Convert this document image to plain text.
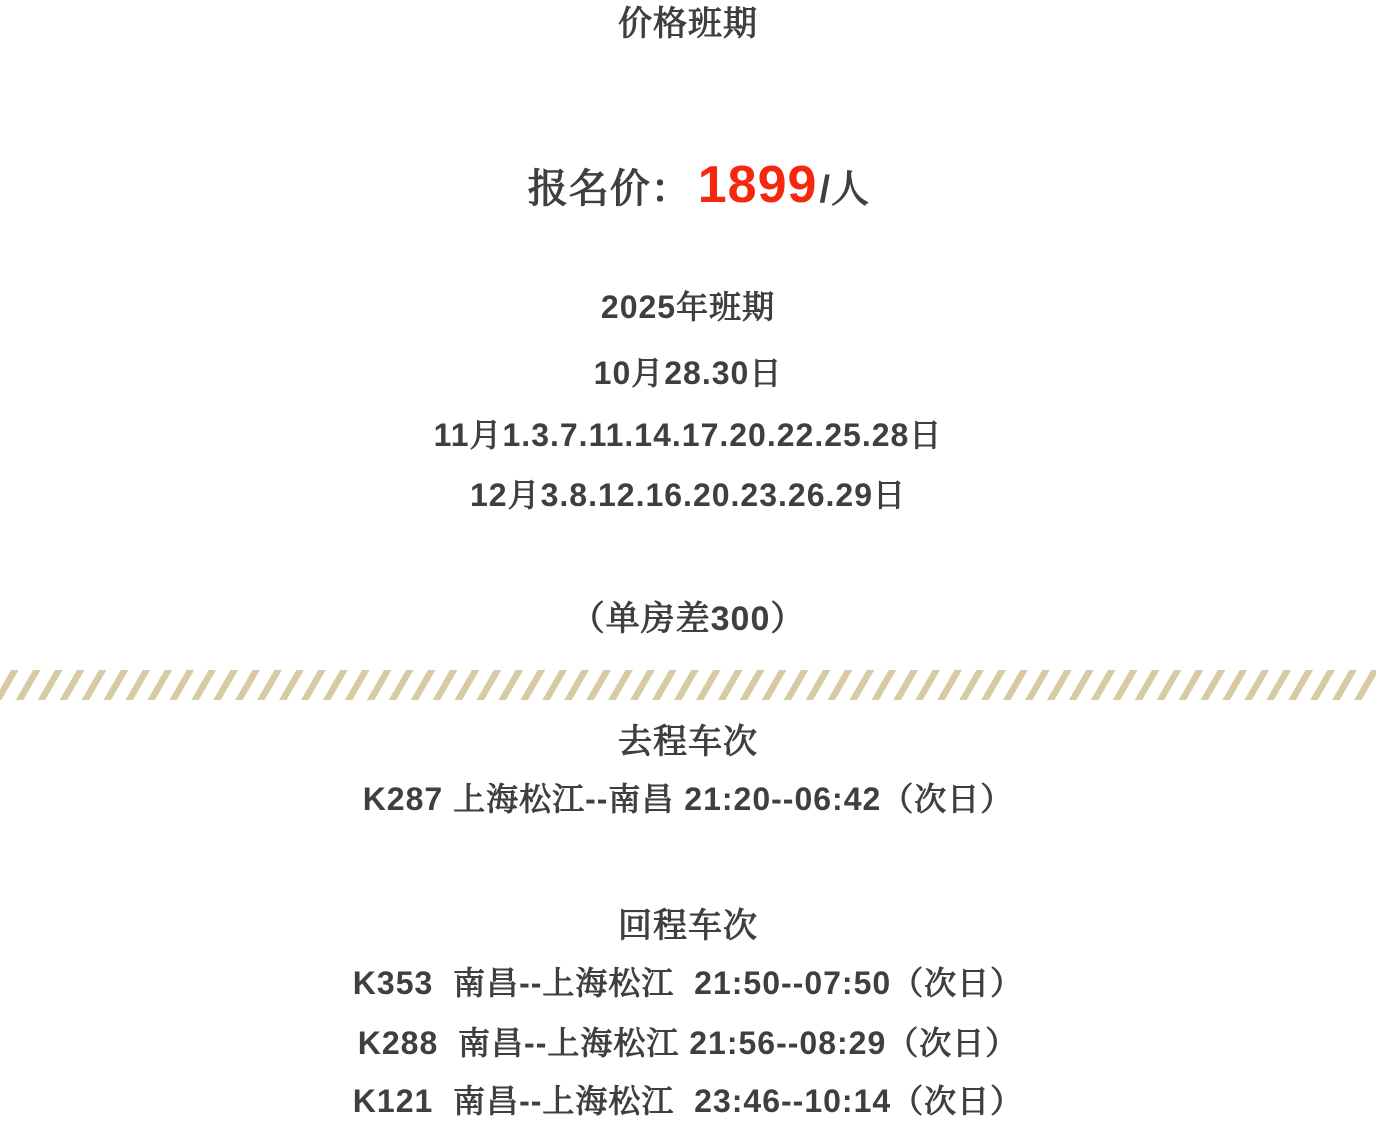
价格班期

报名价： 1899/人

2025年班期
10月28.30日
11月1.3.7.11.14.17.20.22.25.28日
12月3.8.12.16.20.23.26.29日
（单房差300）
去程车次
K287 上海松江--南昌 21:20--06:42（次日）
回程车次
K353  南昌--上海松江  21:50--07:50（次日）
K288  南昌--上海松江 21:56--08:29（次日）
K121  南昌--上海松江  23:46--10:14（次日）
